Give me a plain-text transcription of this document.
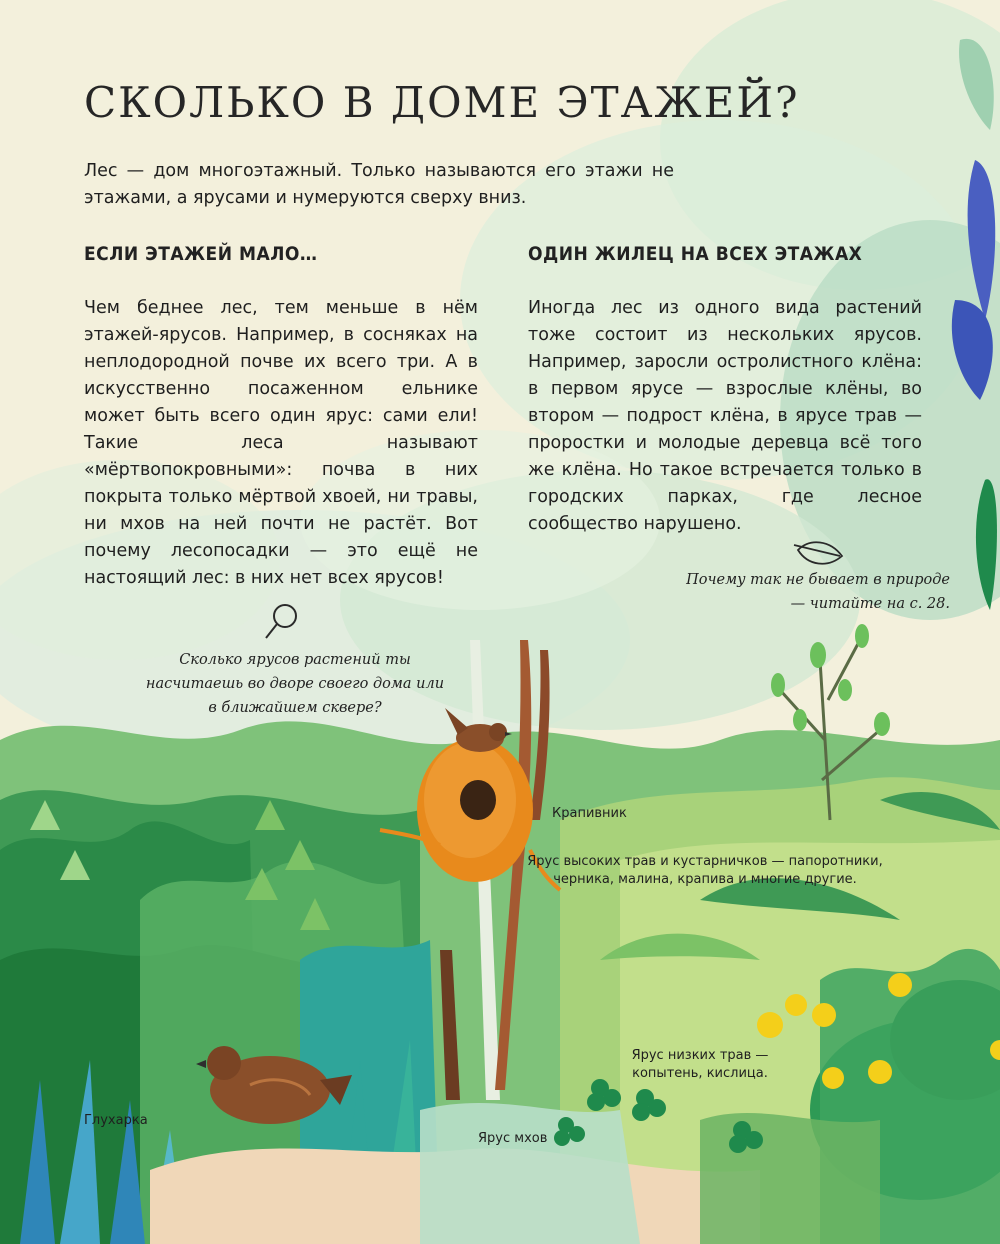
СКОЛЬКО В ДОМЕ ЭТАЖЕЙ?
Лес — дом многоэтажный. Только называются его этажи не этажами, а ярусами и нумеруются сверху вниз.
ЕСЛИ ЭТАЖЕЙ МАЛО…
Чем беднее лес, тем меньше в нём этажей-ярусов. Например, в сосняках на неплодородной почве их всего три. А в искусственно посаженном ельнике может быть всего один ярус: сами ели! Такие леса называют «мёртвопокровными»: почва в них покрыта только мёртвой хвоей, ни травы, ни мхов на ней почти не растёт. Вот почему лесопосадки — это ещё не настоящий лес: в них нет всех ярусов!
Сколько ярусов растений ты насчитаешь во дворе своего дома или в ближайшем сквере?
ОДИН ЖИЛЕЦ НА ВСЕХ ЭТАЖАХ
Иногда лес из одного вида растений тоже состоит из нескольких ярусов. Например, заросли остролистного клёна: в первом ярусе — взрослые клёны, во втором — подрост клёна, в ярусе трав — проростки и молодые деревца всё того же клёна. Но такое встречается только в городских парках, где лесное сообщество нарушено.
Почему так не бывает в природе — читайте на с. 28.
Крапивник
Ярус высоких трав и кустарничков — папоротники, черника, малина, крапива и многие другие.
Ярус низких трав — копытень, кислица.
Глухарка
Ярус мхов
